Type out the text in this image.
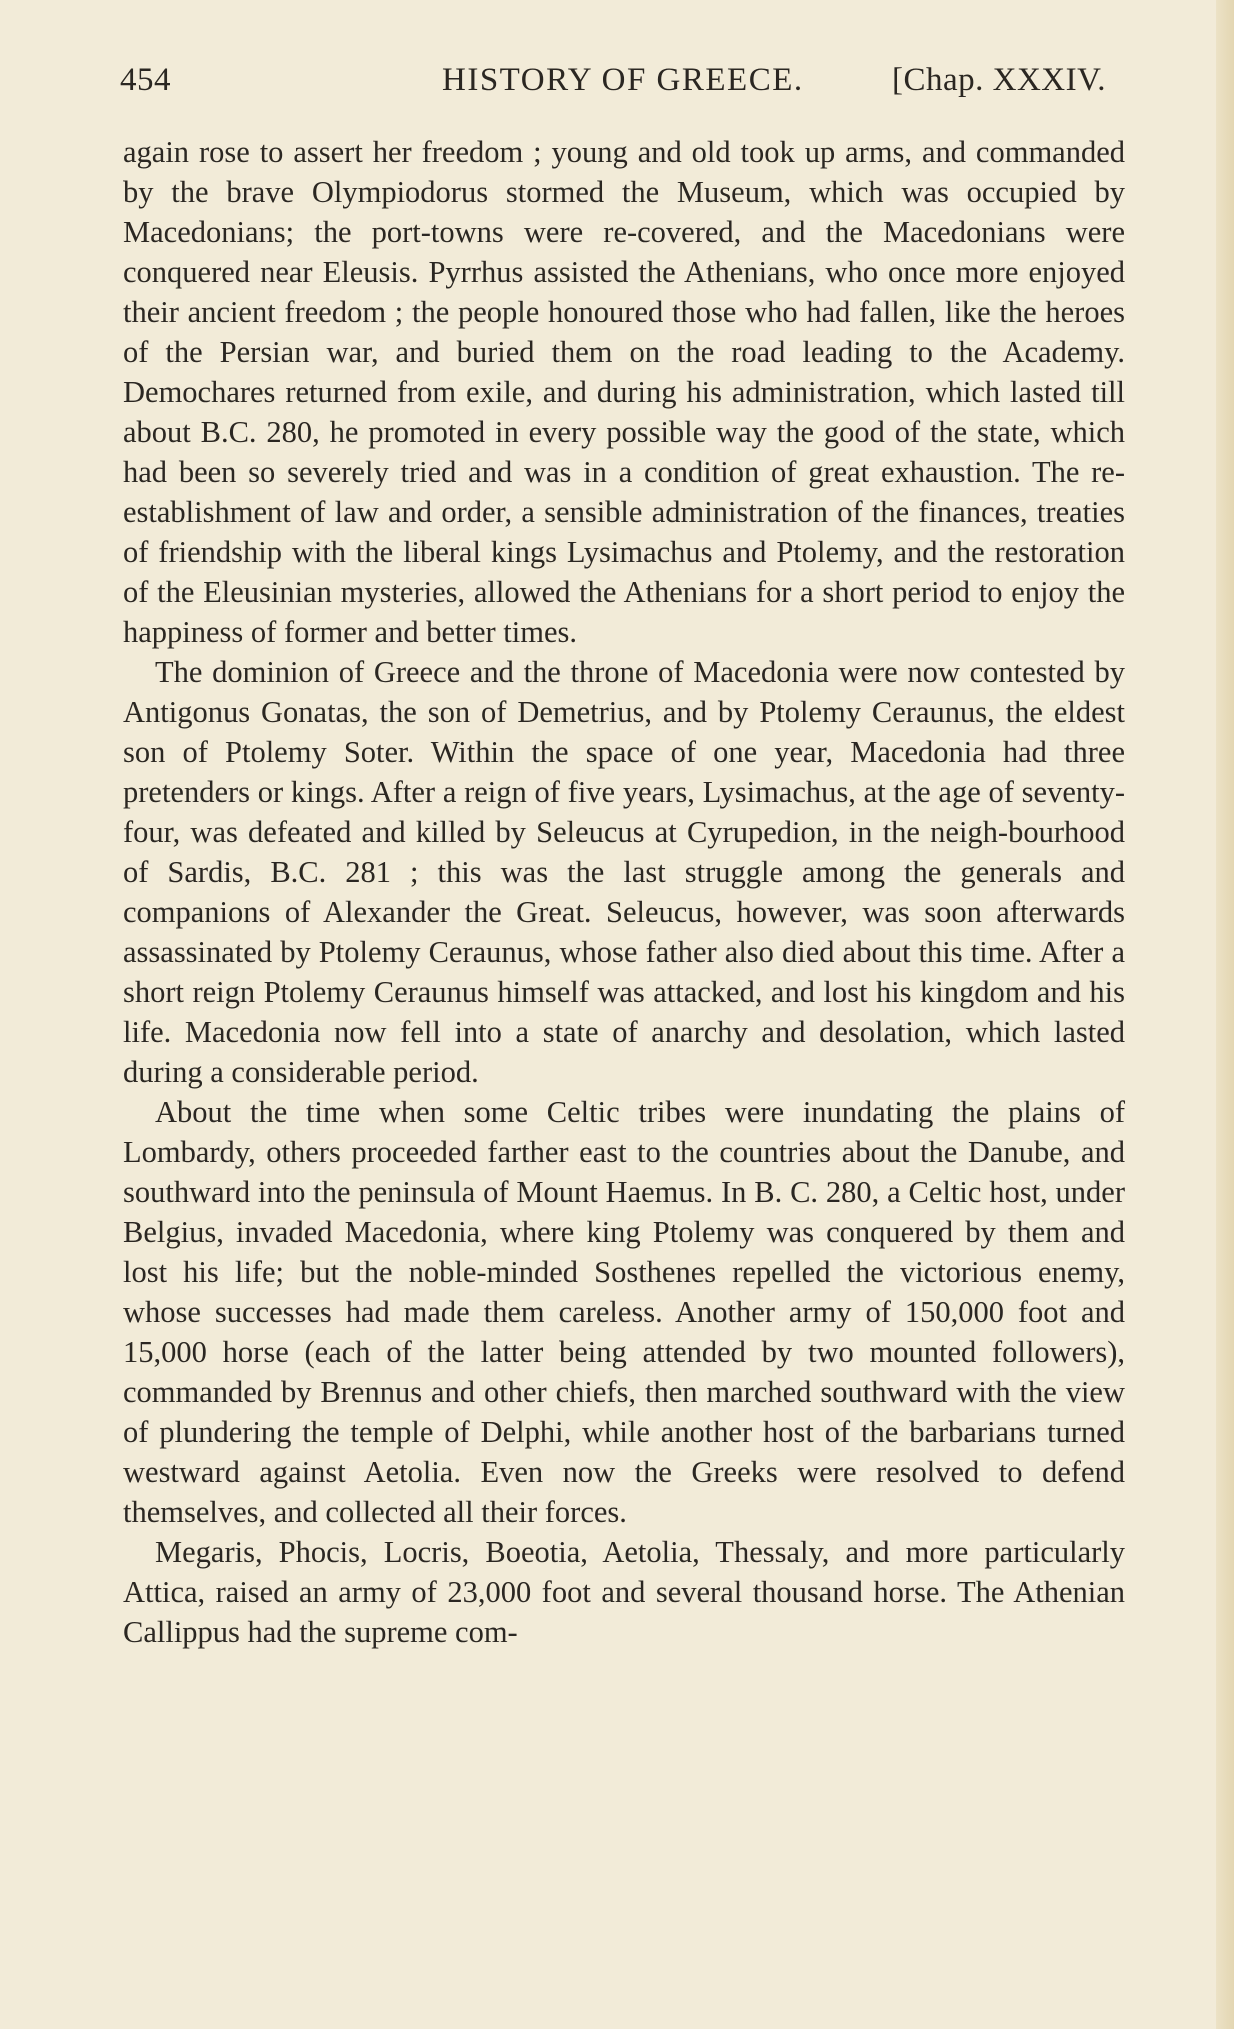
454	HISTORY OF GREECE.	[Chap. XXXIV.

again rose to assert her freedom ; young and old took up arms, and commanded by the brave Olympiodorus stormed the Museum, which was occupied by Macedonians; the port-towns were re-covered, and the Macedonians were conquered near Eleusis. Pyrrhus assisted the Athenians, who once more enjoyed their ancient freedom ; the people honoured those who had fallen, like the heroes of the Persian war, and buried them on the road leading to the Academy. Demochares returned from exile, and during his administration, which lasted till about B.C. 280, he promoted in every possible way the good of the state, which had been so severely tried and was in a condition of great exhaustion. The re-establishment of law and order, a sensible administration of the finances, treaties of friendship with the liberal kings Lysimachus and Ptolemy, and the restoration of the Eleusinian mysteries, allowed the Athenians for a short period to enjoy the happiness of former and better times.

The dominion of Greece and the throne of Macedonia were now contested by Antigonus Gonatas, the son of Demetrius, and by Ptolemy Ceraunus, the eldest son of Ptolemy Soter. Within the space of one year, Macedonia had three pretenders or kings. After a reign of five years, Lysimachus, at the age of seventy-four, was defeated and killed by Seleucus at Cyrupedion, in the neigh-bourhood of Sardis, B.C. 281 ; this was the last struggle among the generals and companions of Alexander the Great. Seleucus, however, was soon afterwards assassinated by Ptolemy Ceraunus, whose father also died about this time. After a short reign Ptolemy Ceraunus himself was attacked, and lost his kingdom and his life. Macedonia now fell into a state of anarchy and desolation, which lasted during a considerable period.

About the time when some Celtic tribes were inundating the plains of Lombardy, others proceeded farther east to the countries about the Danube, and southward into the peninsula of Mount Haemus. In B. C. 280, a Celtic host, under Belgius, invaded Macedonia, where king Ptolemy was conquered by them and lost his life; but the noble-minded Sosthenes repelled the victorious enemy, whose successes had made them careless. Another army of 150,000 foot and 15,000 horse (each of the latter being attended by two mounted followers), commanded by Brennus and other chiefs, then marched southward with the view of plundering the temple of Delphi, while another host of the barbarians turned westward against Aetolia. Even now the Greeks were resolved to defend themselves, and collected all their forces.

Megaris, Phocis, Locris, Boeotia, Aetolia, Thessaly, and more particularly Attica, raised an army of 23,000 foot and several thousand horse. The Athenian Callippus had the supreme com-
